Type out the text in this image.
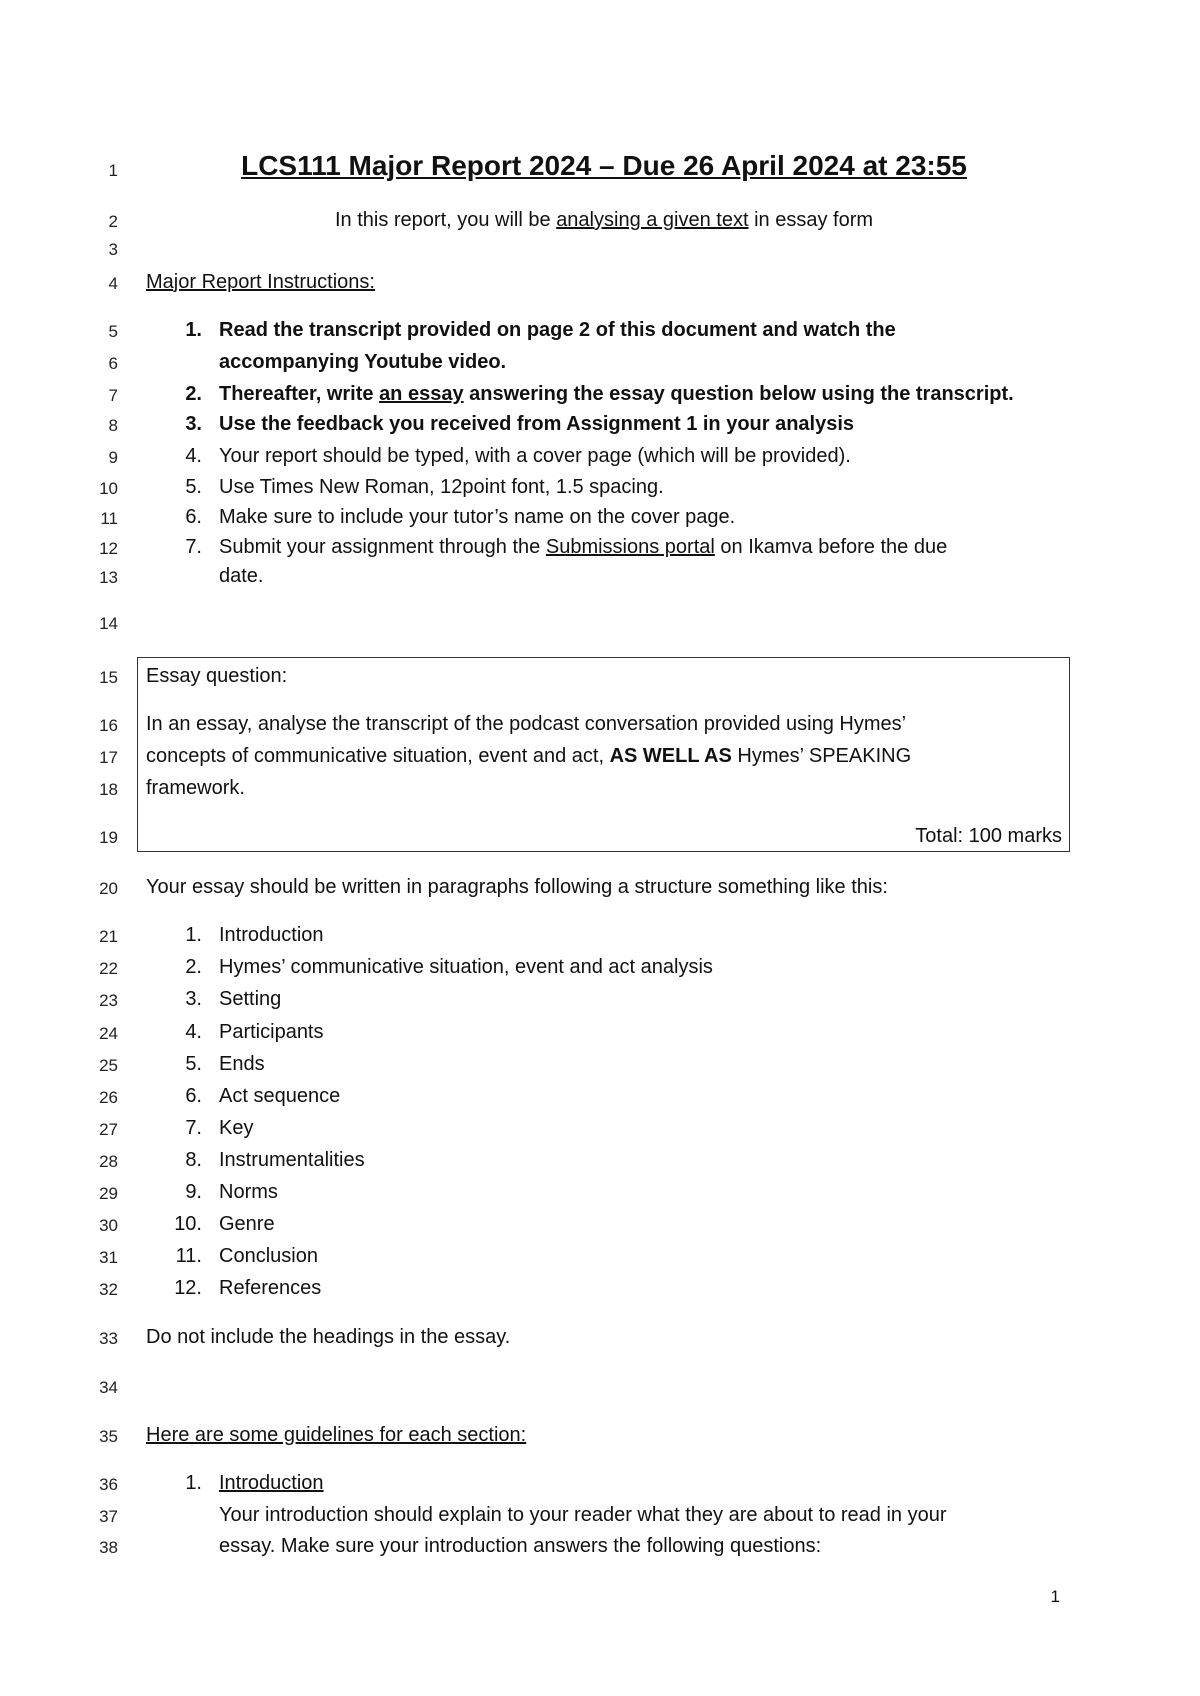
1
2
3
4
5
6
7
8
9
10
11
12
13
14
15
16
17
18
19
20
21
22
23
24
25
26
27
28
29
30
31
32
33
34
35
36
37
38
LCS111 Major Report 2024 – Due 26 April 2024 at 23:55
In this report, you will be analysing a given text in essay form
Major Report Instructions:
1. Read the transcript provided on page 2 of this document and watch the
accompanying Youtube video.
2. Thereafter, write an essay answering the essay question below using the transcript.
3. Use the feedback you received from Assignment 1 in your analysis
4. Your report should be typed, with a cover page (which will be provided).
5. Use Times New Roman, 12point font, 1.5 spacing.
6. Make sure to include your tutor’s name on the cover page.
7. Submit your assignment through the Submissions portal on Ikamva before the due
date.
Essay question:
In an essay, analyse the transcript of the podcast conversation provided using Hymes’
concepts of communicative situation, event and act, AS WELL AS Hymes’ SPEAKING
framework.
Total: 100 marks
Your essay should be written in paragraphs following a structure something like this:
1. Introduction
2. Hymes’ communicative situation, event and act analysis
3. Setting
4. Participants
5. Ends
6. Act sequence
7. Key
8. Instrumentalities
9. Norms
10. Genre
11. Conclusion
12. References
Do not include the headings in the essay.
Here are some guidelines for each section:
1. Introduction
Your introduction should explain to your reader what they are about to read in your
essay. Make sure your introduction answers the following questions:
1
